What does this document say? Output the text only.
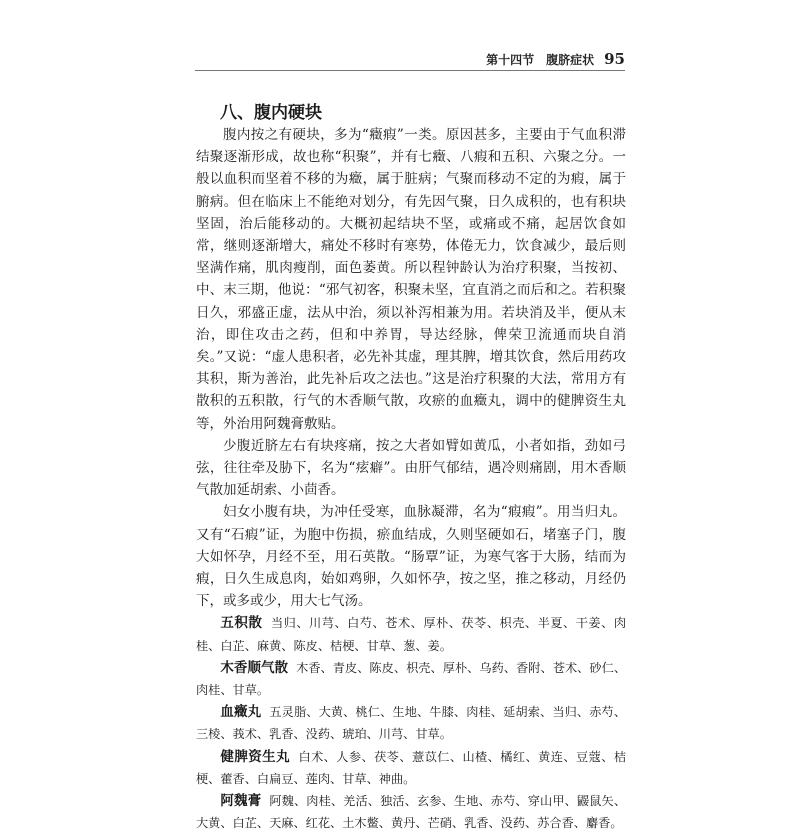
第十四节 腹脐症状 95
八、腹内硬块

腹内按之有硬块，多为“癥瘕”一类。原因甚多，主要由于气血积滞结聚逐渐形成，故也称“积聚”，并有七癥、八瘕和五积、六聚之分。一般以血积而坚着不移的为癥，属于脏病；气聚而移动不定的为瘕，属于腑病。但在临床上不能绝对划分，有先因气聚，日久成积的，也有积块坚固，治后能移动的。大概初起结块不坚，或痛或不痛，起居饮食如常，继则逐渐增大，痛处不移时有寒势，体倦无力，饮食减少，最后则坚满作痛，肌肉瘦削，面色萎黄。所以程钟龄认为治疗积聚，当按初、中、末三期，他说：“邪气初客，积聚未坚，宜直消之而后和之。若积聚日久，邪盛正虚，法从中治，须以补泻相兼为用。若块消及半，便从末治，即住攻击之药，但和中养胃，导达经脉，俾荣卫流通而块自消矣。”又说：“虚人患积者，必先补其虚，理其脾，增其饮食，然后用药攻其积，斯为善治，此先补后攻之法也。”这是治疗积聚的大法，常用方有散积的五积散，行气的木香顺气散，攻瘀的血癥丸，调中的健脾资生丸等，外治用阿魏膏敷贴。

少腹近脐左右有块疼痛，按之大者如臂如黄瓜，小者如指，劲如弓弦，往往牵及胁下，名为“痃癖”。由肝气郁结，遇冷则痛剧，用木香顺气散加延胡索、小茴香。

妇女小腹有块，为冲任受寒，血脉凝滞，名为“瘕瘕”。用当归丸。又有“石瘕”证，为胞中伤损，瘀血结成，久则坚硬如石，堵塞子门，腹大如怀孕，月经不至，用石英散。“肠覃”证，为寒气客于大肠，结而为瘕，日久生成息肉，始如鸡卵，久如怀孕，按之坚，推之移动，月经仍下，或多或少，用大七气汤。

五积散 当归、川芎、白芍、苍术、厚朴、茯苓、枳壳、半夏、干姜、肉桂、白芷、麻黄、陈皮、桔梗、甘草、葱、姜。

木香顺气散 木香、青皮、陈皮、枳壳、厚朴、乌药、香附、苍术、砂仁、肉桂、甘草。

血癥丸 五灵脂、大黄、桃仁、生地、牛膝、肉桂、延胡索、当归、赤芍、三棱、莪术、乳香、没药、琥珀、川芎、甘草。

健脾资生丸 白术、人参、茯苓、薏苡仁、山楂、橘红、黄连、豆蔻、桔梗、藿香、白扁豆、莲肉、甘草、神曲。

阿魏膏 阿魏、肉桂、羌活、独活、玄参、生地、赤芍、穿山甲、鼹鼠矢、大黄、白芷、天麻、红花、土木鳖、黄丹、芒硝、乳香、没药、苏合香、麝香。
